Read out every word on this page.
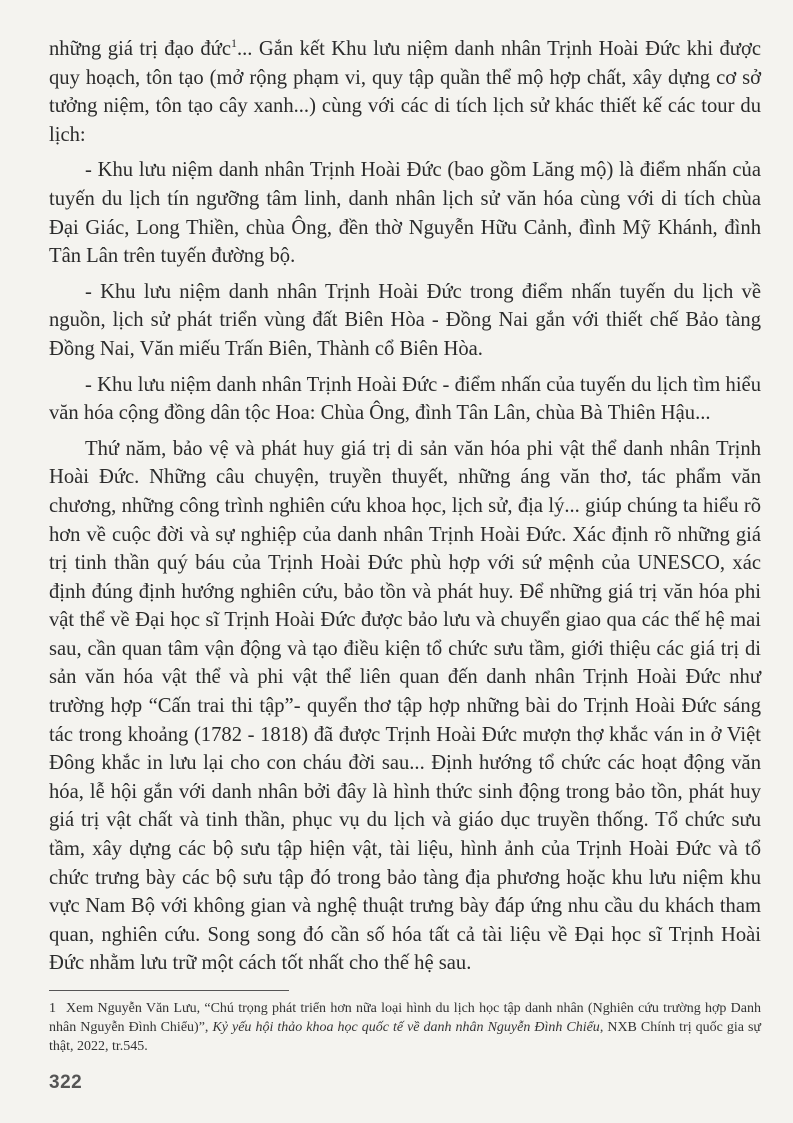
những giá trị đạo đức$^1$... Gắn kết Khu lưu niệm danh nhân Trịnh Hoài Đức khi được quy hoạch, tôn tạo (mở rộng phạm vi, quy tập quần thể mộ hợp chất, xây dựng cơ sở tưởng niệm, tôn tạo cây xanh...) cùng với các di tích lịch sử khác thiết kế các tour du lịch:

- Khu lưu niệm danh nhân Trịnh Hoài Đức (bao gồm Lăng mộ) là điểm nhấn của tuyến du lịch tín ngưỡng tâm linh, danh nhân lịch sử văn hóa cùng với di tích chùa Đại Giác, Long Thiền, chùa Ông, đền thờ Nguyễn Hữu Cảnh, đình Mỹ Khánh, đình Tân Lân trên tuyến đường bộ.

- Khu lưu niệm danh nhân Trịnh Hoài Đức trong điểm nhấn tuyến du lịch về nguồn, lịch sử phát triển vùng đất Biên Hòa - Đồng Nai gắn với thiết chế Bảo tàng Đồng Nai, Văn miếu Trấn Biên, Thành cổ Biên Hòa.

- Khu lưu niệm danh nhân Trịnh Hoài Đức - điểm nhấn của tuyến du lịch tìm hiểu văn hóa cộng đồng dân tộc Hoa: Chùa Ông, đình Tân Lân, chùa Bà Thiên Hậu...

Thứ năm, bảo vệ và phát huy giá trị di sản văn hóa phi vật thể danh nhân Trịnh Hoài Đức. Những câu chuyện, truyền thuyết, những áng văn thơ, tác phẩm văn chương, những công trình nghiên cứu khoa học, lịch sử, địa lý... giúp chúng ta hiểu rõ hơn về cuộc đời và sự nghiệp của danh nhân Trịnh Hoài Đức. Xác định rõ những giá trị tinh thần quý báu của Trịnh Hoài Đức phù hợp với sứ mệnh của UNESCO, xác định đúng định hướng nghiên cứu, bảo tồn và phát huy. Để những giá trị văn hóa phi vật thể về Đại học sĩ Trịnh Hoài Đức được bảo lưu và chuyển giao qua các thế hệ mai sau, cần quan tâm vận động và tạo điều kiện tổ chức sưu tầm, giới thiệu các giá trị di sản văn hóa vật thể và phi vật thể liên quan đến danh nhân Trịnh Hoài Đức như trường hợp “Cấn trai thi tập”- quyển thơ tập hợp những bài do Trịnh Hoài Đức sáng tác trong khoảng (1782 - 1818) đã được Trịnh Hoài Đức mượn thợ khắc ván in ở Việt Đông khắc in lưu lại cho con cháu đời sau... Định hướng tổ chức các hoạt động văn hóa, lễ hội gắn với danh nhân bởi đây là hình thức sinh động trong bảo tồn, phát huy giá trị vật chất và tinh thần, phục vụ du lịch và giáo dục truyền thống. Tổ chức sưu tầm, xây dựng các bộ sưu tập hiện vật, tài liệu, hình ảnh của Trịnh Hoài Đức và tổ chức trưng bày các bộ sưu tập đó trong bảo tàng địa phương hoặc khu lưu niệm khu vực Nam Bộ với không gian và nghệ thuật trưng bày đáp ứng nhu cầu du khách tham quan, nghiên cứu. Song song đó cần số hóa tất cả tài liệu về Đại học sĩ Trịnh Hoài Đức nhằm lưu trữ một cách tốt nhất cho thế hệ sau.

1 Xem Nguyễn Văn Lưu, “Chú trọng phát triển hơn nữa loại hình du lịch học tập danh nhân (Nghiên cứu trường hợp Danh nhân Nguyễn Đình Chiểu)”, Kỷ yếu hội thảo khoa học quốc tế về danh nhân Nguyễn Đình Chiểu, NXB Chính trị quốc gia sự thật, 2022, tr.545.
322
